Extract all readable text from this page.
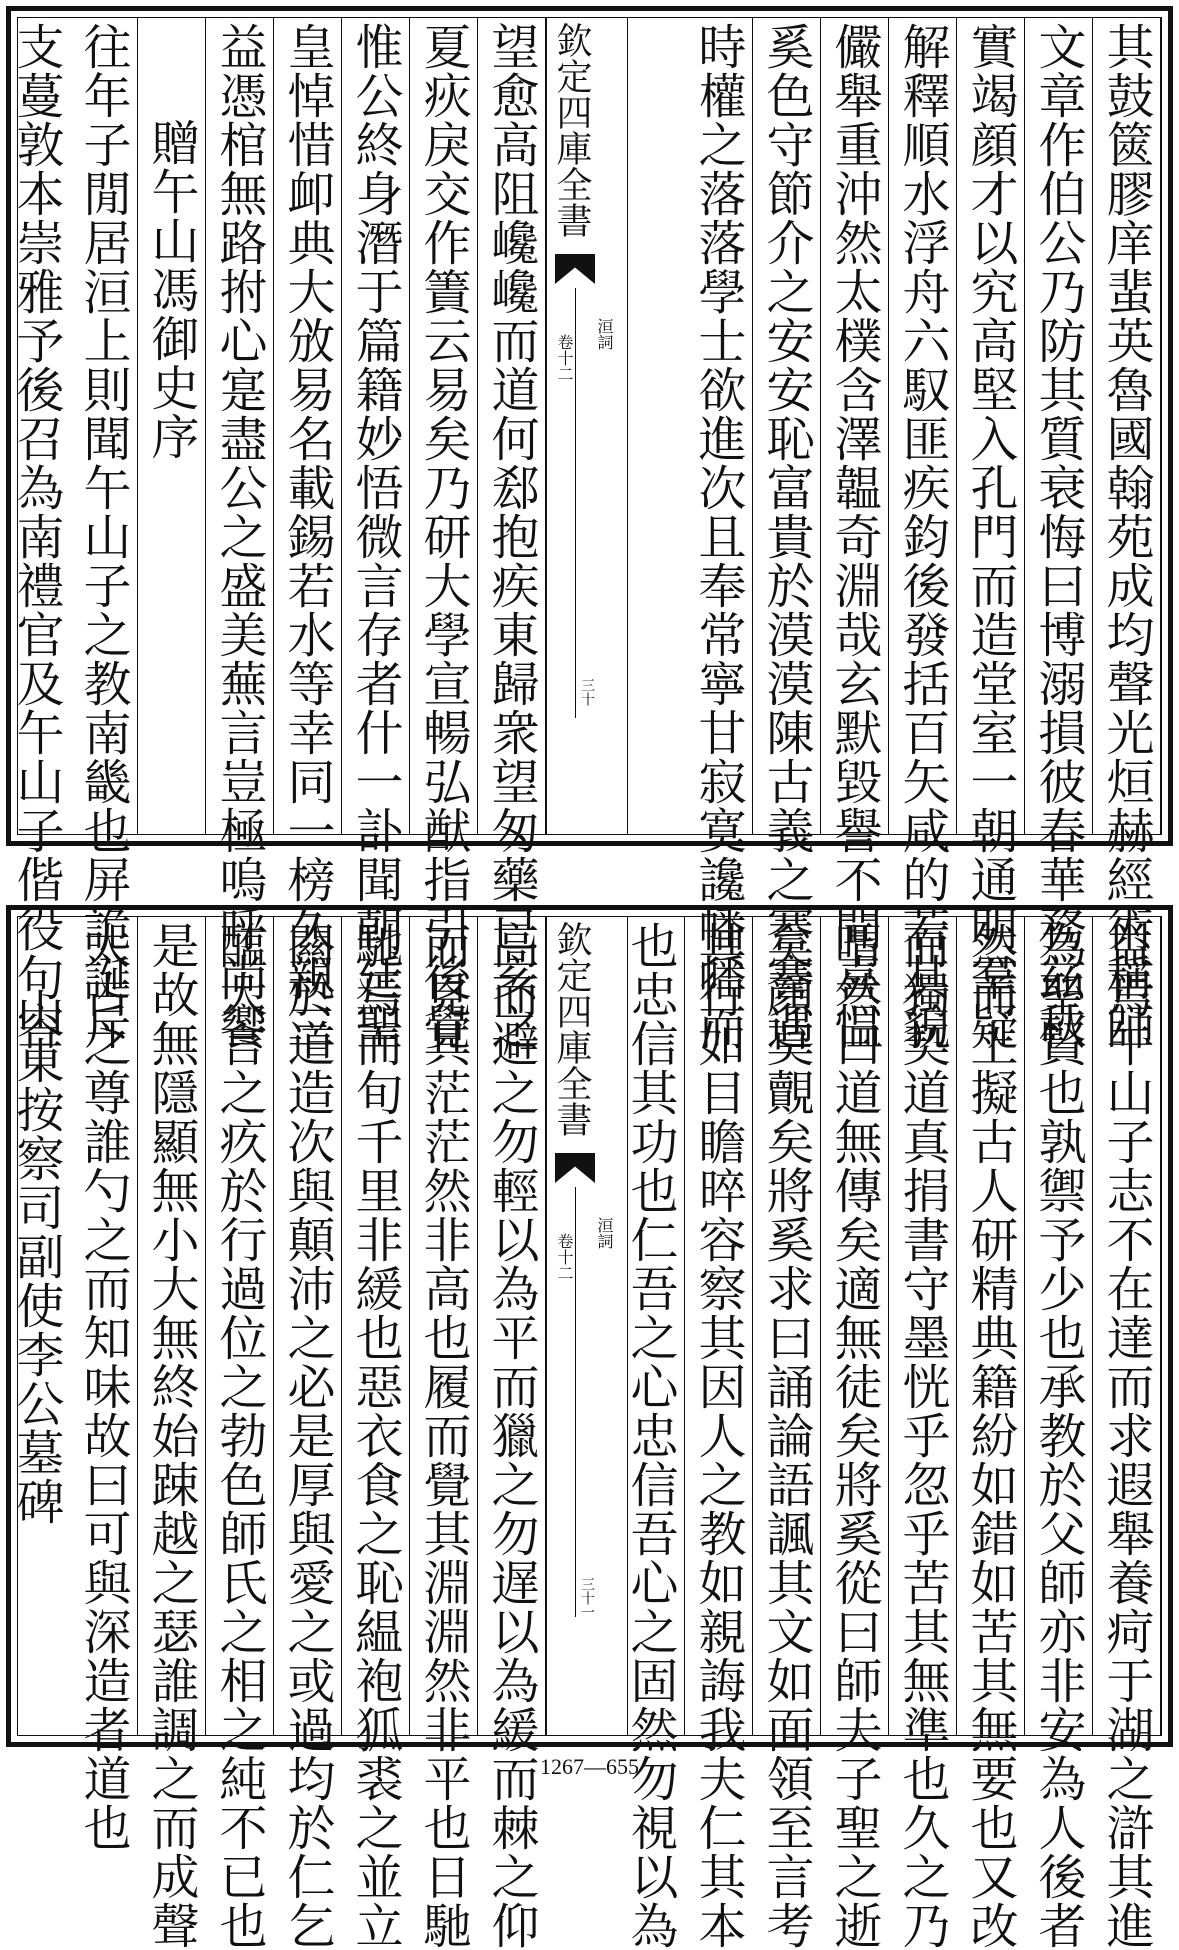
其鼓篋膠庠蜚英魯國翰苑成均聲光烜赫經術稱師
文章作伯公乃防其質衰悔曰博溺損彼春華務兹秋
實竭顔才以究高堅入孔門而造堂室一朝通明羣疑
解釋順水浮舟六馭匪疾鈞後發括百矢咸的若其貌
儼舉重沖然太樸含澤韞奇淵哉玄默毀譽不聞喜愠
奚色守節介之安安恥富貴於漠漠陳古義之謇謇遇
時權之落落學士欲進次且奉常寧甘寂寞讒幡幡而
欽定四庫全書
洹詞
卷十二
三十
望愈高阻巉巉而道何郄抱疾東歸衆望匆藥已亥之
夏疢戾交作簀云易矣乃研大學宣暢弘猷指引後覺
惟公終身潛于篇籍妙悟微言存者什一訃聞朝廷聖
皇悼惜卹典大攽易名載錫若水等幸同一榜久親三
益憑棺無路拊心寔盡公之盛美蕪言豈極嗚呼尚饗
贈午山馮御史序
往年子閒居洹上則聞午山子之教南畿也屏詭誕斥
支蔓敦本崇雅予後召為南禮官及午山子偕役句容
益焉午山子志不在達而求遐舉養疴于湖之滸其進
為聖賢也孰禦予少也承教於父師亦非安為人後者
然而上擬古人研精典籍紛如錯如苦其無要也又改
而獨契道真捐書守墨恍乎忽乎苦其無準也久之乃
喟然曰道無傳矣適無徒矣將奚從曰師夫子聖之逝
矣顔莫覿矣將奚求曰誦論語諷其文如面領至言考
其行如目瞻晬容察其因人之教如親誨我夫仁其本
也忠信其功也仁吾之心忠信吾心之固然勿視以為
欽定四庫全書
洹詞
卷十二
三十一
高而避之勿輕以為平而獵之勿遅以為緩而棘之仰
而見其茫茫然非高也履而覺其淵淵然非平也日馳
馳焉而旬千里非緩也惡衣食之恥緼袍狐裘之並立
闗於道造次與顛沛之必是厚與愛之或過均於仁乞
醢大言之疚於行過位之勃色師氏之相之純不已也
是故無隱顯無小大無終始踈越之瑟誰調之而成聲
太古之尊誰勺之而知味故曰可與深造者道也
山東按察司副使李公墓碑
1267—655
